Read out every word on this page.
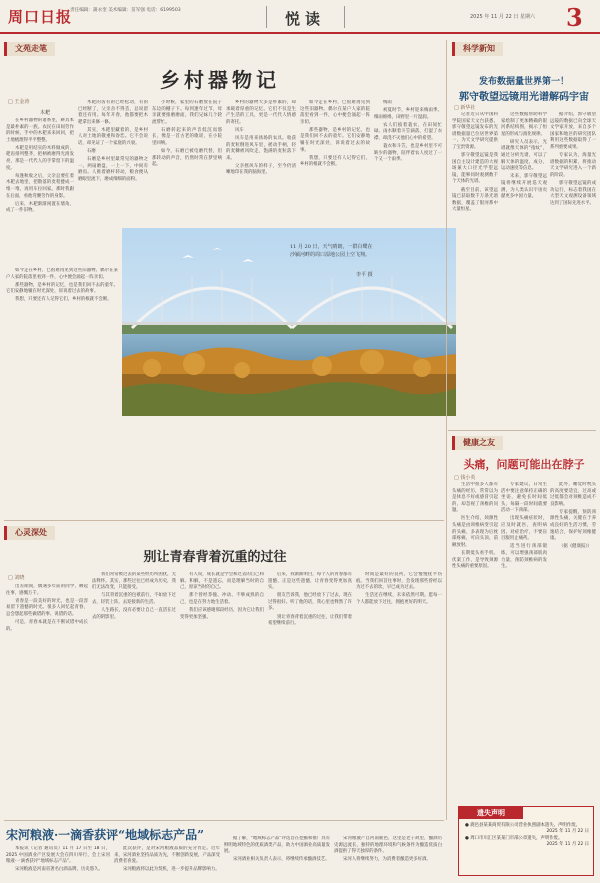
周口日报
责任编辑：蒲永奎 美术编辑：苗军强 电话：6199503	悦读	2025 年 11 月 22 日 星期六 3
文苑走笔
乡村器物记
□ 王金涛
木耙

在乡村器物的谱系里，耕具本是最朴素的一族。农民在田间劳作的时候，手中的木耙来来回回，把土地梳理得平平整整。

木耙是用结实的木料做成的，耙齿排列整齐，把柄被磨得光滑发亮，那是一代代人的手掌留下的温度。

每逢秋收之后，父亲总要扛着木耙去地里，把散落的麦秸搂成一堆一堆，再用车拉回家。那时我跟在后面，看他弯腰劳作的身影。

后来，木耙渐渐闲置在墙角，成了一件旧物。

木耙的齿有的已经松动，有的已经断了，父亲舍不得丢，总说留着还有用。每年开春，他都要把木耙拿出来修一修。

其实，木耙里藏着的，是乡村人对土地的敬重和眷恋。它不会说话，却见证了一个家庭的兴衰。

石磨

石磨是乡村里最常见的器物之一。两扇磨盘，一上一下，中间有磨齿。人推着磨杆转动，粮食便从磨眼里流下，磨成细细的面粉。

小时候，家里的石磨放在院子东边的棚子下。每到逢年过节，母亲就要推磨磨面，我们兄妹几个轮流帮忙。

石磨转起来的声音低沉而悠长，像是一首古老的歌谣，在小院里回响。

如今，石磨已被电磨代替，但那转动的声音，仍然时常在梦里响起。

乡村的器物大多是朴素的，却承载着厚重的记忆。它们不仅是生产生活的工具，更是一代代人情感的寄托。

风车

风车是用来扬场的农具。收获的麦粒倒进风车里，摇动手柄，轻的麦糠被风吹走，饱满的麦粒落下来。

父亲摇风车的样子，至今仍清晰地印在我的脑海里。

如今走在乡村，已很难再见到这些旧器物。偶尔在某户人家的院落里看到一件，心中便会涌起一阵亲切。

那些器物，是乡村的记忆，也是我们回不去的童年。它们安静地躺在时光深处，诉说着过去的故事。

我想，只要还有人记得它们，乡村的根就不会断。

梅雨

初夏时节，乡村迎来梅雨季。细雨绵绵，田野里一片湿润。

农人们披着蓑衣，在田间忙碌。雨水顺着斗笠滴落，打湿了衣襟，却浇不灭他们心中的希望。

蓑衣和斗笠，也是乡村里不可缺少的器物，陪伴着农人度过了一个又一个雨季。

如今走在乡村，已很难再见到这些旧器物。偶尔在某户人家的院落里看到一件，心中便会涌起一阵亲切。

那些器物，是乡村的记忆，也是我们回不去的童年。它们安静地躺在时光深处，诉说着过去的故事。

我想，只要还有人记得它们，乡村的根就不会断。

11 月 20 日，天气晴朗，一群白鹭在沙颍河畔的周口湿地公园上空飞翔。
李平 摄
科学新知
发布数据量世界第一！
郭守敬望远镜用光谱解码宇宙
□ 新华社

记者近日从中国科学院国家天文台获悉，郭守敬望远镜发布的光谱数据量已位居世界第一，为天文学研究提供了宝贵资源。

郭守敬望远镜是我国自主设计建造的大视场兼大口径光学望远镜，能够同时观测数千个天体的光谱。

截至目前，该望远镜已获取数千万条光谱数据，覆盖了银河系中大量恒星。

这些数据帮助科学家绘制了更加精确的银河系结构图，揭示了恒星的形成与演化规律。

研究人员表示，光谱就像天体的“指纹”，通过分析光谱，可以了解天体的温度、成分、运动速度等信息。

未来，郭守敬望远镜将继续开展巡天观测，为人类认识宇宙贡献更多中国力量。

据介绍，郭守敬望远镜的数据已向全球天文学家开放，来自多个国家和地区的研究团队利用这些数据取得了一系列重要成果。

专家认为，海量光谱数据的积累，将推动天文学研究进入一个新的阶段。

郭守敬望远镜的成功运行，标志着我国在大型天文观测设备领域达到了国际先进水平。

心灵深处
别让青春背着沉重的过往
□ 刘晓

出差期间，偶遇多年前的同学，聊起往事，感慨万千。

青春是一段美好的时光，也是一段容易留下遗憾的时光。很多人回忆起青春，总会想起那些做错的事、说错的话。

可是，青春本就是在不断试错中成长的。

我们常常被过去的某些经历所困扰，无法释怀。其实，那些过往已经成为历史，我们无法改变，只能接受。

与其背着沉重的包袱前行，不如放下过去，轻装上阵，去迎接新的生活。

人生路长，没有必要让自己一直活在过去的阴影里。

有人说，成长就是学会和过去的自己和解。和解，不是遗忘，而是理解当时的自己，原谅当时的自己。

那个曾经莽撞、冲动、不够成熟的自己，也是在努力地生活着。

我们应该感谢那段经历，因为它让我们变得更加坚强。

后来，我渐渐明白，每个人的青春都有遗憾，正是这些遗憾，让青春变得更加真实。

朋友告诉我，他已经放下了过去，现在过得很好。听了他的话，我心里也释然了许多。

别让青春背着沉重的过往，让我们带着希望继续前行。

时间是最好的良药，它会慢慢抚平伤痕。当我们回首往事时，会发现那些曾经以为过不去的坎，早已成为过去。

生活还在继续，未来依然可期。愿每一个人都能放下过往，拥抱更好的明天。

健康之友
头痛，问题可能出在脖子
□ 钱小英

生活中很多人都有头痛的经历，常常以为是休息不好或感冒引起的，却忽视了颈椎的问题。

医生介绍，颈源性头痛是由颈椎病变引起的头痛，多表现为后枕部疼痛，可向头顶、前额放射。

长期低头看手机、伏案工作，是导致颈源性头痛的重要原因。

专家建议，日常生活中要注意保持正确的坐姿，避免长时间低头，每隔一段时间就要活动一下颈部。

出现头痛症状时，应及时就医，查明病因，对症治疗，不要盲目服用止痛药。

适当进行颈部锻炼，可以增强颈部肌肉力量，预防颈椎病的发生。

此外，睡觉时枕头的高度要适宜，过高或过低都会对颈椎造成不良影响。

专家提醒，预防颈源性头痛，关键在于养成良好的生活习惯，劳逸结合，保护好颈椎健康。

（据《健康报》）

宋河粮液·一滴香获评“地域标志产品”

本报讯（记者 通讯员）11 月 17 日至 18 日，2025 中国酒业产区发展大会在四川举行，会上宋河粮液·一滴香获评“地域标志产品”。

宋河粮液是河南省著名白酒品牌，历史悠久。

此次获评，是对宋河粮液品质的充分肯定。近年来，宋河酒业坚持品质为先，不断创新发展，产品深受消费者喜爱。

宋河粮液将以此为契机，进一步提升品牌影响力。

据了解，“地域标志产品”评选旨在挖掘和推广具有鲜明地域特色的优质酒类产品，助力中国酒业高质量发展。

宋河酒业相关负责人表示，将继续传承酿酒技艺。

宋河粮液产自河南鹿邑，这里是老子故里，酿酒历史源远流长，独特的地理环境和气候条件为酿造优质白酒提供了得天独厚的条件。

宋河人将继续努力，为消费者酿造更多好酒。

遗失声明
● 鹿邑县某某商贸有限公司营业执照副本遗失，声明作废。
2025 年 11 月 22 日
● 周口市川汇区某某门市部公章遗失，声明作废。
2025 年 11 月 22 日
